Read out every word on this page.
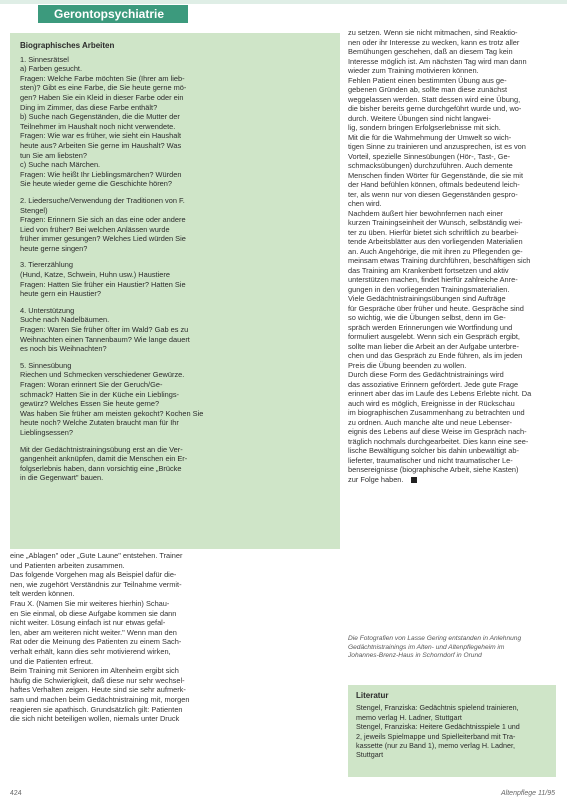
Gerontopsychiatrie
Biographisches Arbeiten
1. Sinnesrätsel
a) Farben gesucht.
Fragen: Welche Farbe möchten Sie (Ihrer am lieb-
sten)? Gibt es eine Farbe, die Sie heute gerne mö-
gen? Haben Sie ein Kleid in dieser Farbe oder ein
Ding im Zimmer, das diese Farbe enthält?
b) Suche nach Gegenständen, die die Mutter der
Teilnehmer im Haushalt noch nicht verwendete.
Fragen: Wie war es früher, wie sieht ein Haushalt
heute aus? Arbeiten Sie gerne im Haushalt? Was
tun Sie am liebsten?
c) Suche nach Märchen.
Fragen: Wie heißt Ihr Lieblingsmärchen? Würden
Sie heute wieder gerne die Geschichte hören?
2. Liedersuche/Verwendung der Traditionen von F.
Stengel)
Fragen: Erinnern Sie sich an das eine oder andere
Lied von früher? Bei welchen Anlässen wurde
früher immer gesungen? Welches Lied würden Sie
heute gerne singen?
3. Tiererzählung
(Hund, Katze, Schwein, Huhn usw.) Haustiere
Fragen: Hatten Sie früher ein Haustier? Hatten Sie
heute gern ein Haustier?
4. Unterstützung
Suche nach Nadelbäumen.
Fragen: Waren Sie früher öfter im Wald? Gab es zu
Weihnachten einen Tannenbaum? Wie lange dauert
es noch bis Weihnachten?
5. Sinnesübung
Riechen und Schmecken verschiedener Gewürze.
Fragen: Woran erinnert Sie der Geruch/Ge-
schmack? Hatten Sie in der Küche ein Lieblings-
gewürz? Welches Essen Sie heute gerne?
Was haben Sie früher am meisten gekocht? Kochen Sie
heute noch? Welche Zutaten braucht man für Ihr
Lieblingsessen?
Mit der Gedächtnistrainingsübung erst an die Ver-
gangenheit anknüpfen, damit die Menschen ein Er-
folgserlebnis haben, dann vorsichtig eine „Brücke
in die Gegenwart" bauen.
eine „Ablagen" oder „Gute Laune" entstehen. Trainer
und Patienten arbeiten zusammen.
Das folgende Vorgehen mag als Beispiel dafür die-
nen, wie zugehört Verständnis zur Teilnahme vermit-
telt werden können.
Frau X. (Namen Sie mir weiteres hierhin) Schau-
en Sie einmal, ob diese Aufgabe kommen sie dann
nicht weiter. Lösung einfach ist nur etwas gefal-
len, aber am weiteren nicht weiter." Wenn man den
Rat oder die Meinung des Patienten zu einem Sach-
verhalt erhält, kann dies sehr motivierend wirken,
und die Patienten erfreut.
Beim Training mit Senioren im Altenheim ergibt sich
häufig die Schwierigkeit, daß diese nur sehr wechsel-
haftes Verhalten zeigen. Heute sind sie sehr aufmerk-
sam und machen beim Gedächtnistraining mit, morgen
reagieren sie apathisch. Grundsätzlich gilt: Patienten
die sich nicht beteiligen wollen, niemals unter Druck
zu setzen. Wenn sie nicht mitmachen, sind Reaktio-
nen oder ihr Interesse zu wecken, kann es trotz aller
Bemühungen geschehen, daß an diesem Tag kein
Interesse möglich ist. Am nächsten Tag wird man dann
wieder zum Training motivieren können.
Fehlen Patient einen bestimmten Übung aus ge-
gebenen Gründen ab, sollte man diese zunächst
weggelassen werden. Statt dessen wird eine Übung,
die bisher bereits gerne durchgeführt wurde und, wo-
durch. Weitere Übungen sind nicht langwei-
lig, sondern bringen Erfolgserlebnisse mit sich.
Mit die für die Wahrnehmung der Umwelt so wich-
tigen Sinne zu trainieren und anzusprechen, ist es von
Vorteil, spezielle Sinnesübungen (Hör-, Tast-, Ge-
schmacksübungen) durchzuführen. Auch demente
Menschen finden Wörter für Gegenstände, die sie mit
der Hand befühlen können, oftmals bedeutend leich-
ter, als wenn nur von diesen Gegenständen gespro-
chen wird.
Nachdem äußert hier bewohnfernen nach einer
kurzen Trainingseinheit der Wunsch, selbständig wei-
ter zu üben. Hierfür bietet sich schriftlich zu bearbei-
tende Arbeitsblätter aus den vorliegenden Materialien
an. Auch Angehörige, die mit ihren zu Pflegenden ge-
meinsam etwas Training durchführen, beschäftigen sich
das Training am Krankenbett fortsetzen und aktiv
unterstützen machen, findet hierfür zahlreiche Anre-
gungen in den vorliegenden Trainingsmaterialien.
Viele Gedächtnistrainingsübungen sind Aufträge
für Gespräche über früher und heute. Gespräche sind
so wichtig, wie die Übungen selbst, denn im Ge-
spräch werden Erinnerungen wie Wortfindung und
formuliert ausgelebt. Wenn sich ein Gespräch ergibt,
sollte man lieber die Arbeit an der Aufgabe unterbre-
chen und das Gespräch zu Ende führen, als im jeden
Preis die Übung beenden zu wollen.
Durch diese Form des Gedächtnistrainings wird
das assoziative Erinnern gefördert. Jede gute Frage
erinnert aber das im Laufe des Lebens Erlebte nicht. Da
auch wird es möglich, Ereignisse in der Rückschau
im biographischen Zusammenhang zu betrachten und
zu ordnen. Auch manche alte und neue Lebenser-
eignis des Lebens auf diese Weise im Gespräch nach-
träglich nochmals durchgearbeitet. Dies kann eine see-
lische Bewältigung solcher bis dahin unbewältigt ab-
lieferter, traumatischer und nicht traumatischer Le-
bensereignisse (biographische Arbeit, siehe Kasten)
zur Folge haben.
Die Fotografien von Lasse Gering entstanden in Anlehnung
Gedächtnistrainings im Alten- und Altenpflegeheim im
Johannes-Brenz-Haus in Schorndorf in Orund
Literatur
Stengel, Franziska: Gedächtnis spielend trainieren,
memo verlag H. Ladner, Stuttgart
Stengel, Franziska: Heitere Gedächtnisspiele 1 und
2, jeweils Spielmappe und Spielleiterband mit Tra-
kassette (nur zu Band 1), memo verlag H. Ladner,
Stuttgart
424	Altenpflege 11/95
